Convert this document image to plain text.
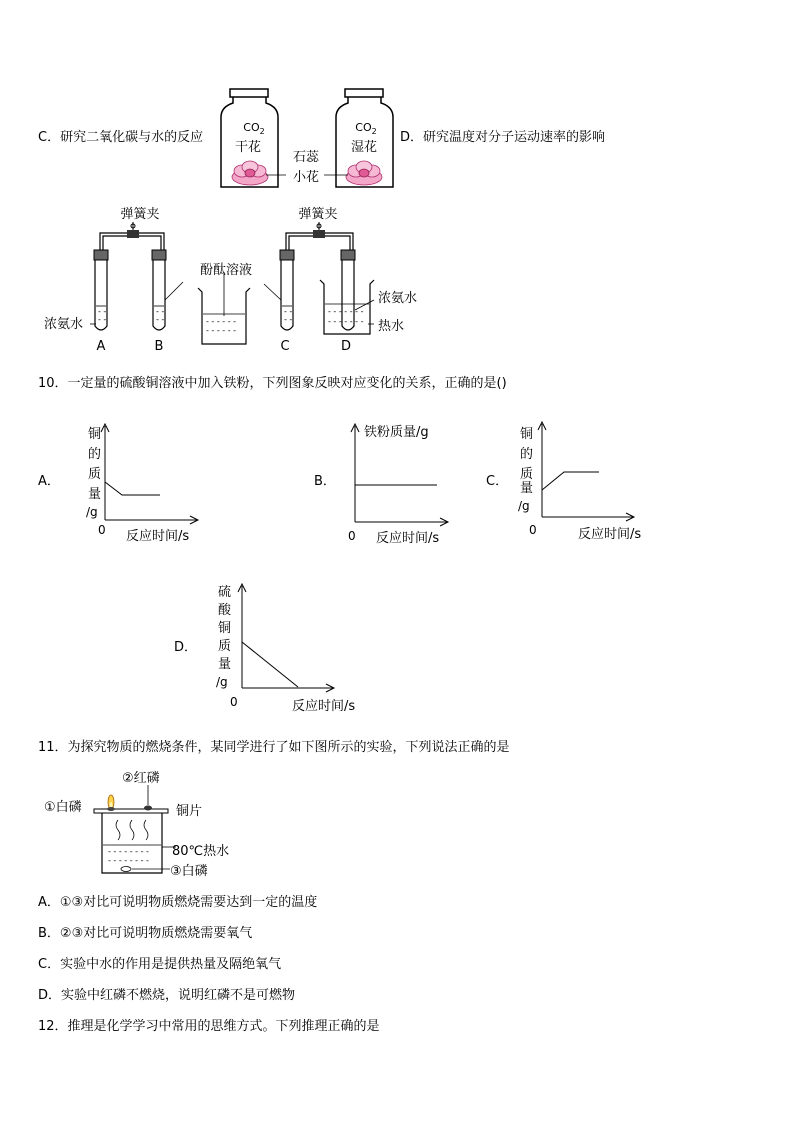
C．研究二氧化碳与水的反应	D．研究温度对分子运动速率的影响
$CO_2$
干花
$CO_2$
湿花
石蕊
小花
弹簧夹	弹簧夹
- -
- -
- -
- -
浓氨水
A	B
- - - - - -
- - - - - -
酚酞溶液
- -
- -
- - - - - - -
- - - - - - -
C	D
浓氨水
热水
10．一定量的硫酸铜溶液中加入铁粉，下列图象反映对应变化的关系，正确的是()
A．
铜
的
质
量
/g
0 反应时间/s
B．
铁粉质量/g
0 反应时间/s
C．
铜
的
质
量
/g
0	反应时间/s
D．
硫
酸
铜
质
量
/g
0	反应时间/s
11．为探究物质的燃烧条件，某同学进行了如下图所示的实验，下列说法正确的是
②红磷
①白磷	铜片
- - - - - - - -
- - - - - - - -
80℃热水
③白磷
A．①③对比可说明物质燃烧需要达到一定的温度
B．②③对比可说明物质燃烧需要氧气
C．实验中水的作用是提供热量及隔绝氧气
D．实验中红磷不燃烧，说明红磷不是可燃物
12．推理是化学学习中常用的思维方式。下列推理正确的是
